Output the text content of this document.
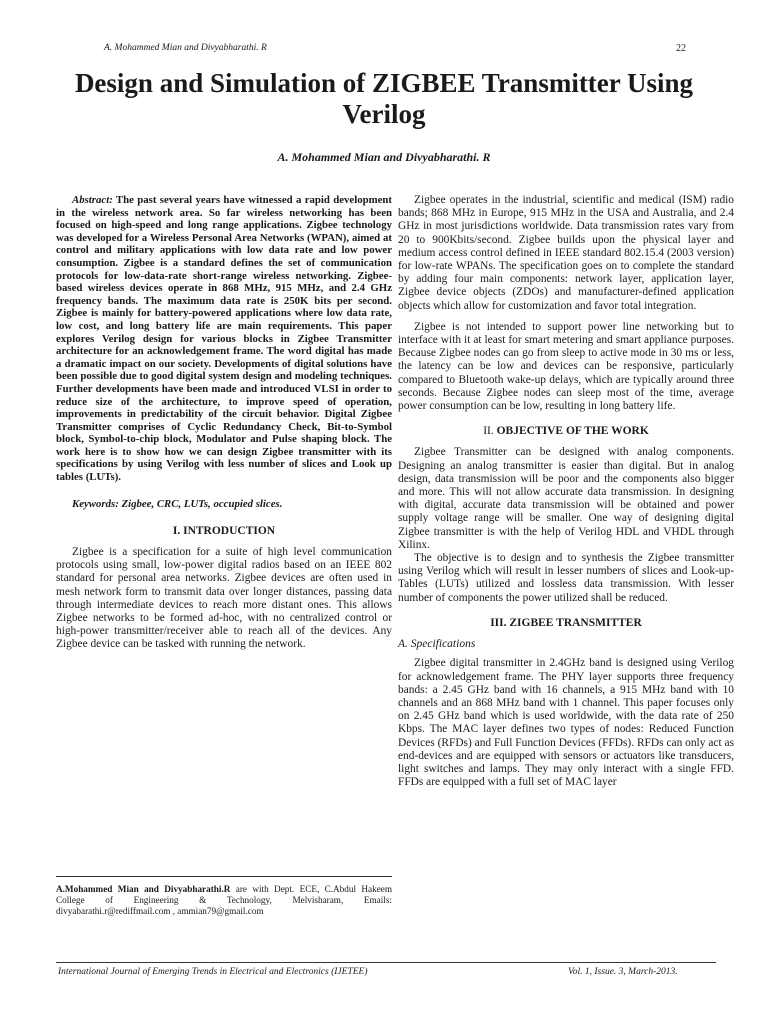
A. Mohammed Mian and Divyabharathi. R	22
Design and Simulation of ZIGBEE Transmitter Using Verilog
A. Mohammed Mian and Divyabharathi. R

Abstract: The past several years have witnessed a rapid development in the wireless network area. So far wireless networking has been focused on high-speed and long range applications. Zigbee technology was developed for a Wireless Personal Area Networks (WPAN), aimed at control and military applications with low data rate and low power consumption. Zigbee is a standard defines the set of communication protocols for low-data-rate short-range wireless networking. Zigbee-based wireless devices operate in 868 MHz, 915 MHz, and 2.4 GHz frequency bands. The maximum data rate is 250K bits per second. Zigbee is mainly for battery-powered applications where low data rate, low cost, and long battery life are main requirements. This paper explores Verilog design for various blocks in Zigbee Transmitter architecture for an acknowledgement frame. The word digital has made a dramatic impact on our society. Developments of digital solutions have been possible due to good digital system design and modeling techniques. Further developments have been made and introduced VLSI in order to reduce size of the architecture, to improve speed of operation, improvements in predictability of the circuit behavior. Digital Zigbee Transmitter comprises of Cyclic Redundancy Check, Bit-to-Symbol block, Symbol-to-chip block, Modulator and Pulse shaping block. The work here is to show how we can design Zigbee transmitter with its specifications by using Verilog with less number of slices and Look up tables (LUTs).

Keywords: Zigbee, CRC, LUTs, occupied slices.

I. INTRODUCTION

Zigbee is a specification for a suite of high level communication protocols using small, low-power digital radios based on an IEEE 802 standard for personal area networks. Zigbee devices are often used in mesh network form to transmit data over longer distances, passing data through intermediate devices to reach more distant ones. This allows Zigbee networks to be formed ad-hoc, with no centralized control or high-power transmitter/receiver able to reach all of the devices. Any Zigbee device can be tasked with running the network.

Zigbee operates in the industrial, scientific and medical (ISM) radio bands; 868 MHz in Europe, 915 MHz in the USA and Australia, and 2.4 GHz in most jurisdictions worldwide. Data transmission rates vary from 20 to 900Kbits/second. Zigbee builds upon the physical layer and medium access control defined in IEEE standard 802.15.4 (2003 version) for low-rate WPANs. The specification goes on to complete the standard by adding four main components: network layer, application layer, Zigbee device objects (ZDOs) and manufacturer-defined application objects which allow for customization and favor total integration.

Zigbee is not intended to support power line networking but to interface with it at least for smart metering and smart appliance purposes. Because Zigbee nodes can go from sleep to active mode in 30 ms or less, the latency can be low and devices can be responsive, particularly compared to Bluetooth wake-up delays, which are typically around three seconds. Because Zigbee nodes can sleep most of the time, average power consumption can be low, resulting in long battery life.

II. OBJECTIVE OF THE WORK

Zigbee Transmitter can be designed with analog components. Designing an analog transmitter is easier than digital. But in analog design, data transmission will be poor and the components also bigger and more. This will not allow accurate data transmission. In designing with digital, accurate data transmission will be obtained and power supply voltage range will be smaller. One way of designing digital Zigbee transmitter is with the help of Verilog HDL and VHDL through Xilinx.

The objective is to design and to synthesis the Zigbee transmitter using Verilog which will result in lesser numbers of slices and Look-up-Tables (LUTs) utilized and lossless data transmission. With lesser number of components the power utilized shall be reduced.

III. ZIGBEE TRANSMITTER
A. Specifications

Zigbee digital transmitter in 2.4GHz band is designed using Verilog for acknowledgement frame. The PHY layer supports three frequency bands: a 2.45 GHz band with 16 channels, a 915 MHz band with 10 channels and an 868 MHz band with 1 channel. This paper focuses only on 2.45 GHz band which is used worldwide, with the data rate of 250 Kbps. The MAC layer defines two types of nodes: Reduced Function Devices (RFDs) and Full Function Devices (FFDs). RFDs can only act as end-devices and are equipped with sensors or actuators like transducers, light switches and lamps. They may only interact with a single FFD. FFDs are equipped with a full set of MAC layer

A.Mohammed Mian and Divyabharathi.R are with Dept. ECE, C.Abdul Hakeem College of Engineering & Technology, Melvisharam, Emails: divyabarathi.r@rediffmail.com , ammian79@gmail.com
International Journal of Emerging Trends in Electrical and Electronics (IJETEE)	Vol. 1, Issue. 3, March-2013.
